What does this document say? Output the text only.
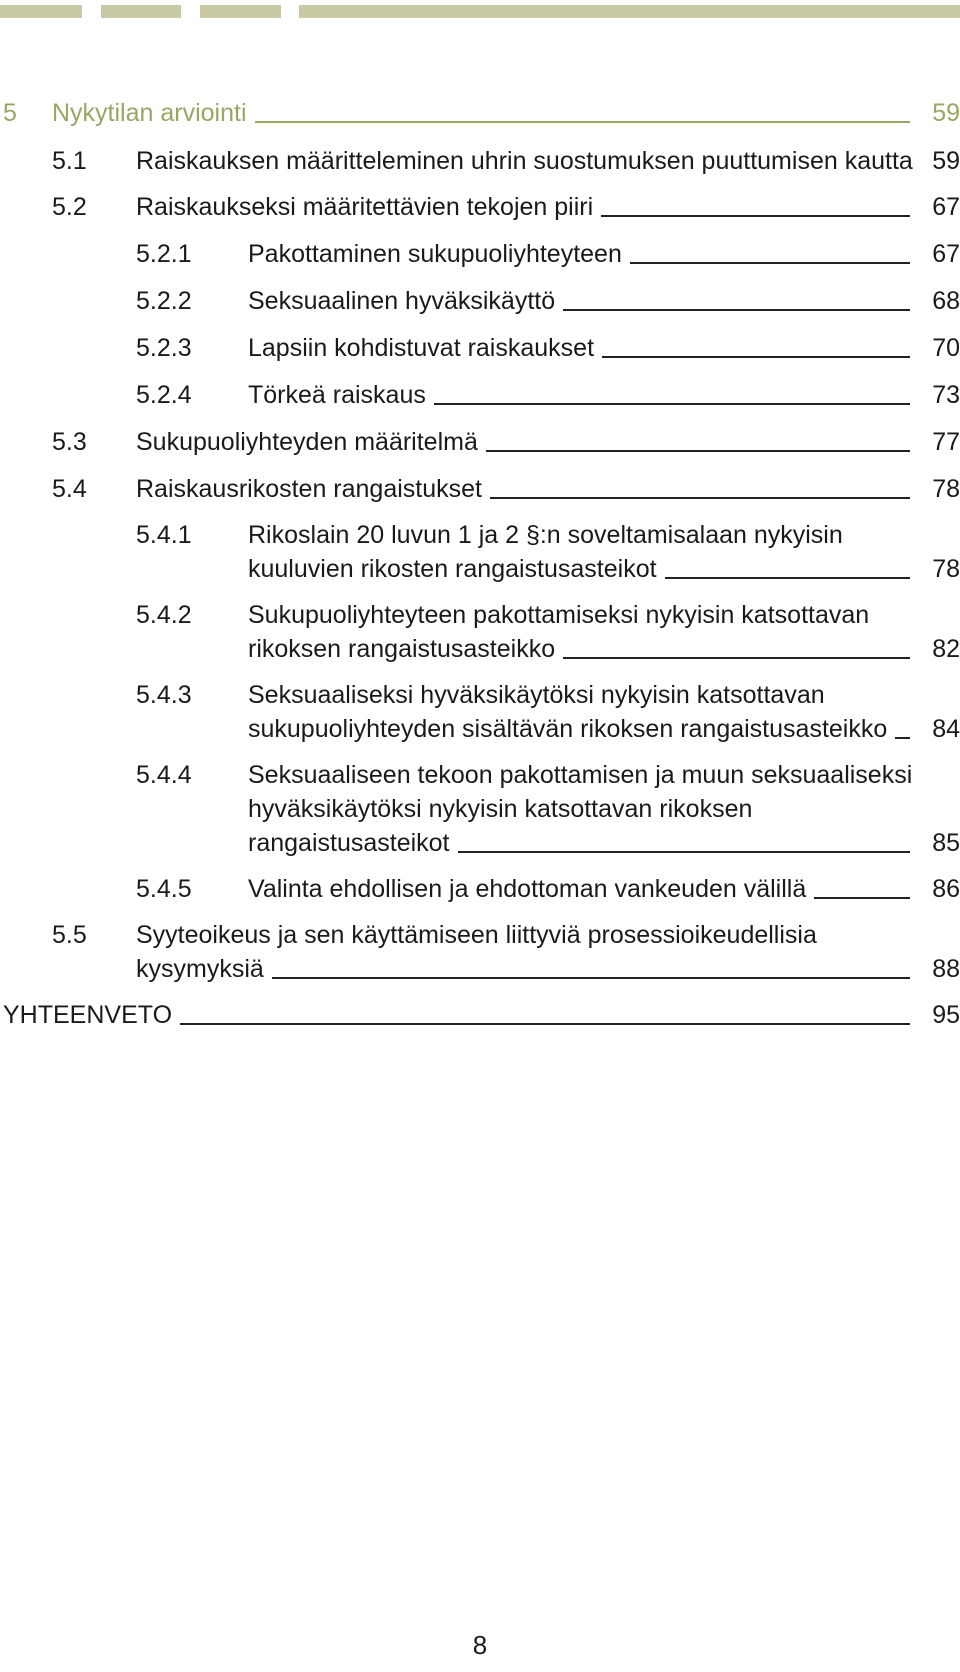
5 Nykytilan arviointi	59
5.1 Raiskauksen määritteleminen uhrin suostumuksen puuttumisen kautta 59
5.2 Raiskaukseksi määritettävien tekojen piiri	67
5.2.1 Pakottaminen sukupuoliyhteyteen	67
5.2.2 Seksuaalinen hyväksikäyttö	68
5.2.3 Lapsiin kohdistuvat raiskaukset	70
5.2.4 Törkeä raiskaus	73
5.3 Sukupuoliyhteyden määritelmä	77
5.4 Raiskausrikosten rangaistukset	78
5.4.1 Rikoslain 20 luvun 1 ja 2 §:n soveltamisalaan nykyisin
kuuluvien rikosten rangaistusasteikot	78
5.4.2 Sukupuoliyhteyteen pakottamiseksi nykyisin katsottavan
rikoksen rangaistusasteikko	82
5.4.3 Seksuaaliseksi hyväksikäytöksi nykyisin katsottavan
sukupuoliyhteyden sisältävän rikoksen rangaistusasteikko	84
5.4.4 Seksuaaliseen tekoon pakottamisen ja muun seksuaaliseksi
hyväksikäytöksi nykyisin katsottavan rikoksen
rangaistusasteikot	85
5.4.5 Valinta ehdollisen ja ehdottoman vankeuden välillä	86
5.5 Syyteoikeus ja sen käyttämiseen liittyviä prosessioikeudellisia
kysymyksiä	88
YHTEENVETO	95
8
